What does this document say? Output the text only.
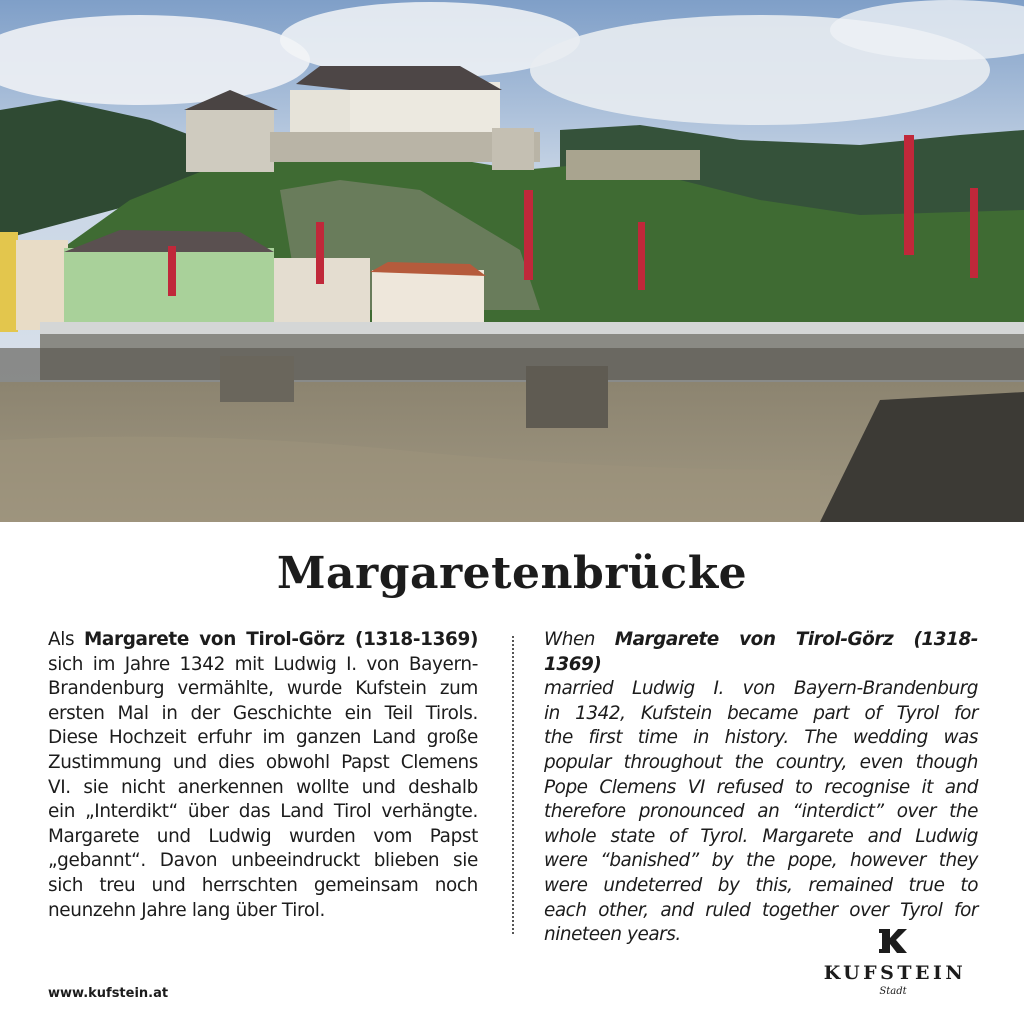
Margaretenbrücke
Als Margarete von Tirol-Görz (1318-1369)
sich im Jahre 1342 mit Ludwig I. von Bayern-
Brandenburg vermählte, wurde Kufstein zum
ersten Mal in der Geschichte ein Teil Tirols.
Diese Hochzeit erfuhr im ganzen Land große
Zustimmung und dies obwohl Papst Clemens
VI. sie nicht anerkennen wollte und deshalb
ein „Interdikt“ über das Land Tirol verhängte.
Margarete und Ludwig wurden vom Papst
„gebannt“. Davon unbeeindruckt blieben sie
sich treu und herrschten gemeinsam noch
neunzehn Jahre lang über Tirol.
When Margarete von Tirol-Görz (1318-1369)
married Ludwig I. von Bayern-Brandenburg
in 1342, Kufstein became part of Tyrol for
the first time in history. The wedding was
popular throughout the country, even though
Pope Clemens VI refused to recognise it and
therefore pronounced an “interdict” over the
whole state of Tyrol. Margarete and Ludwig
were “banished” by the pope, however they
were undeterred by this, remained true to
each other, and ruled together over Tyrol for
nineteen years.
www.kufstein.at
KUFSTEIN
Stadt
